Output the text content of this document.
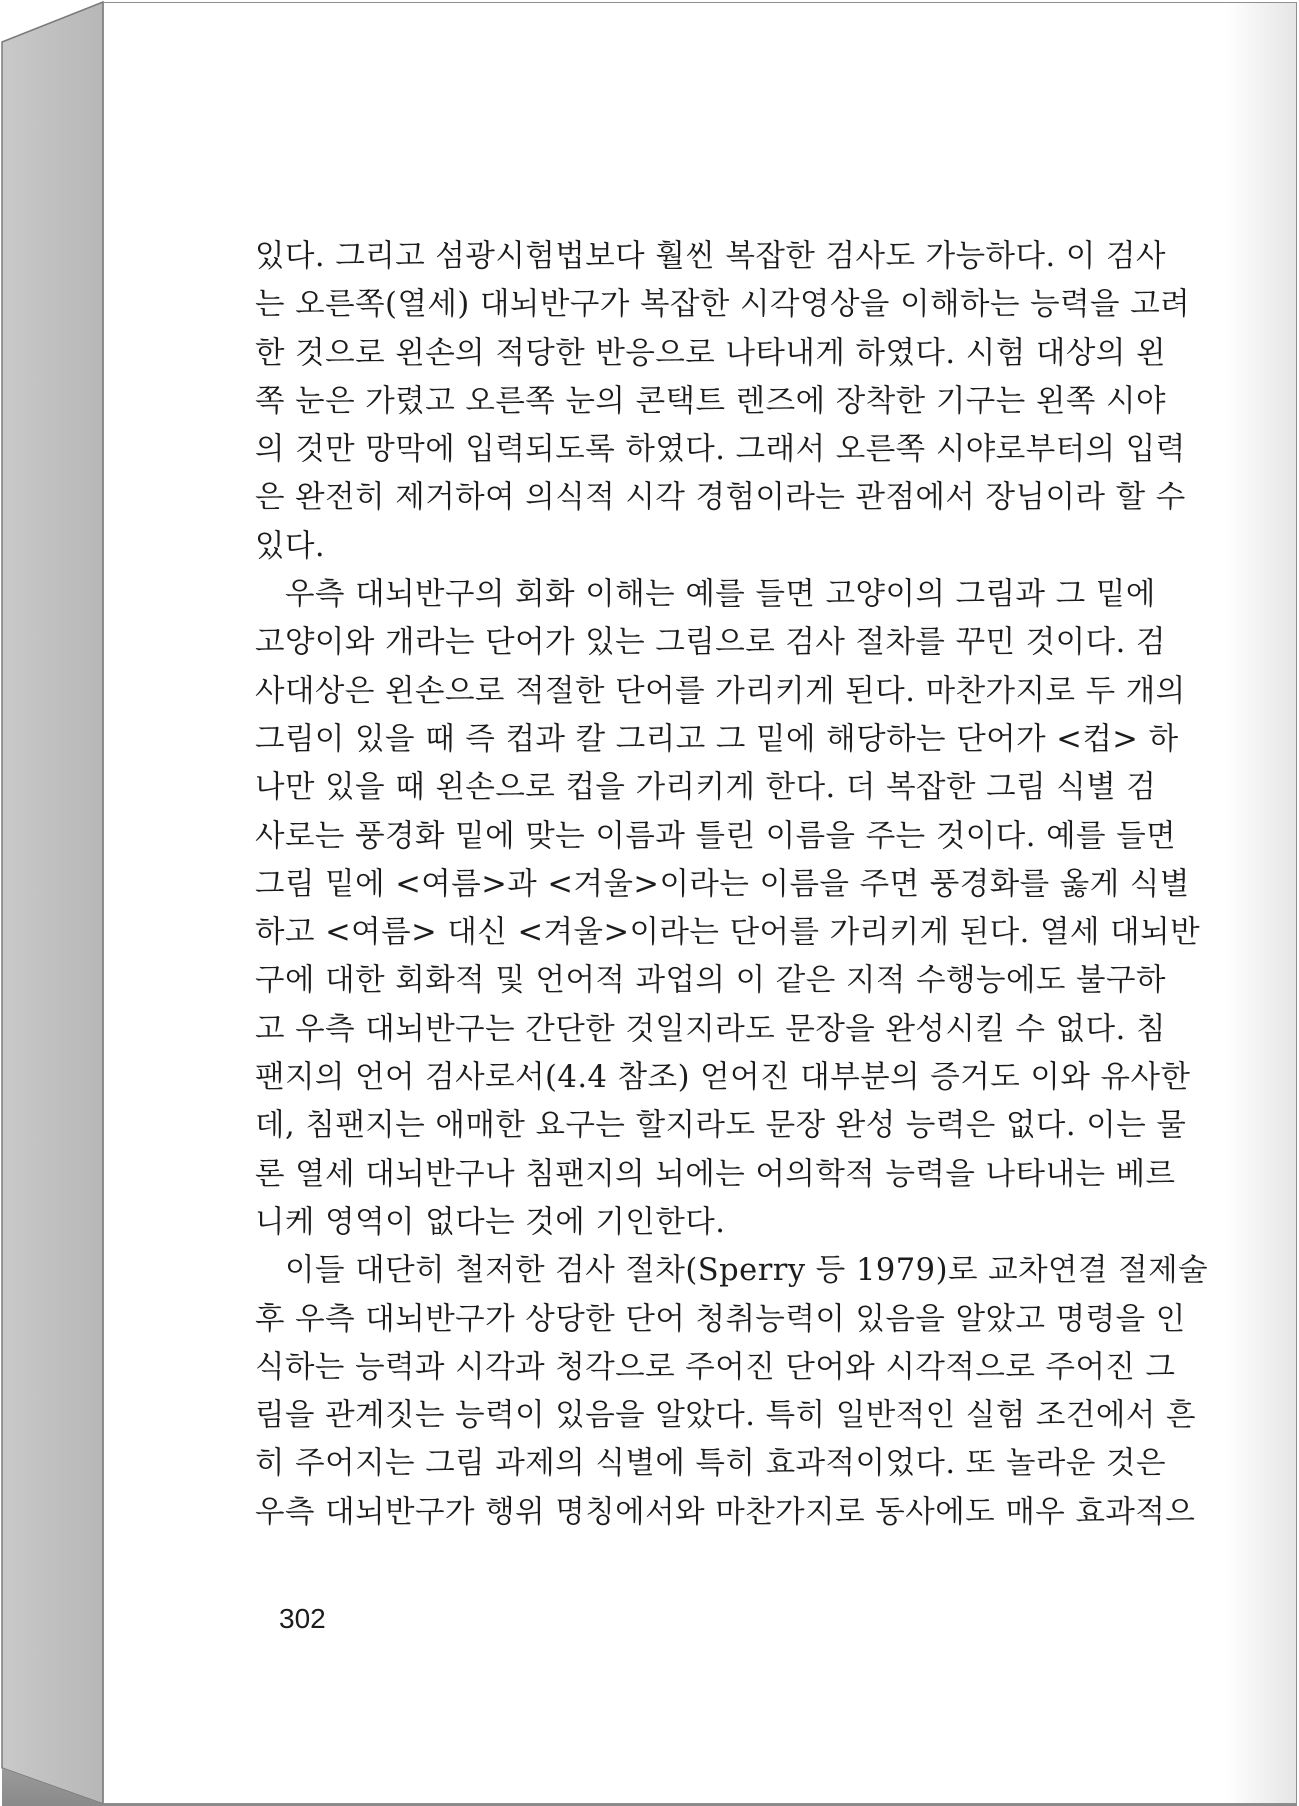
있다. 그리고 섬광시험법보다 훨씬 복잡한 검사도 가능하다. 이 검사
는 오른쪽(열세) 대뇌반구가 복잡한 시각영상을 이해하는 능력을 고려
한 것으로 왼손의 적당한 반응으로 나타내게 하였다. 시험 대상의 왼
쪽 눈은 가렸고 오른쪽 눈의 콘택트 렌즈에 장착한 기구는 왼쪽 시야
의 것만 망막에 입력되도록 하였다. 그래서 오른쪽 시야로부터의 입력
은 완전히 제거하여 의식적 시각 경험이라는 관점에서 장님이라 할 수
있다.

우측 대뇌반구의 회화 이해는 예를 들면 고양이의 그림과 그 밑에
고양이와 개라는 단어가 있는 그림으로 검사 절차를 꾸민 것이다. 검
사대상은 왼손으로 적절한 단어를 가리키게 된다. 마찬가지로 두 개의
그림이 있을 때 즉 컵과 칼 그리고 그 밑에 해당하는 단어가 <컵> 하
나만 있을 때 왼손으로 컵을 가리키게 한다. 더 복잡한 그림 식별 검
사로는 풍경화 밑에 맞는 이름과 틀린 이름을 주는 것이다. 예를 들면
그림 밑에 <여름>과 <겨울>이라는 이름을 주면 풍경화를 옳게 식별
하고 <여름> 대신 <겨울>이라는 단어를 가리키게 된다. 열세 대뇌반
구에 대한 회화적 및 언어적 과업의 이 같은 지적 수행능에도 불구하
고 우측 대뇌반구는 간단한 것일지라도 문장을 완성시킬 수 없다. 침
팬지의 언어 검사로서(4.4 참조) 얻어진 대부분의 증거도 이와 유사한
데, 침팬지는 애매한 요구는 할지라도 문장 완성 능력은 없다. 이는 물
론 열세 대뇌반구나 침팬지의 뇌에는 어의학적 능력을 나타내는 베르
니케 영역이 없다는 것에 기인한다.

이들 대단히 철저한 검사 절차(Sperry 등 1979)로 교차연결 절제술
후 우측 대뇌반구가 상당한 단어 청취능력이 있음을 알았고 명령을 인
식하는 능력과 시각과 청각으로 주어진 단어와 시각적으로 주어진 그
림을 관계짓는 능력이 있음을 알았다. 특히 일반적인 실험 조건에서 흔
히 주어지는 그림 과제의 식별에 특히 효과적이었다. 또 놀라운 것은
우측 대뇌반구가 행위 명칭에서와 마찬가지로 동사에도 매우 효과적으

302
